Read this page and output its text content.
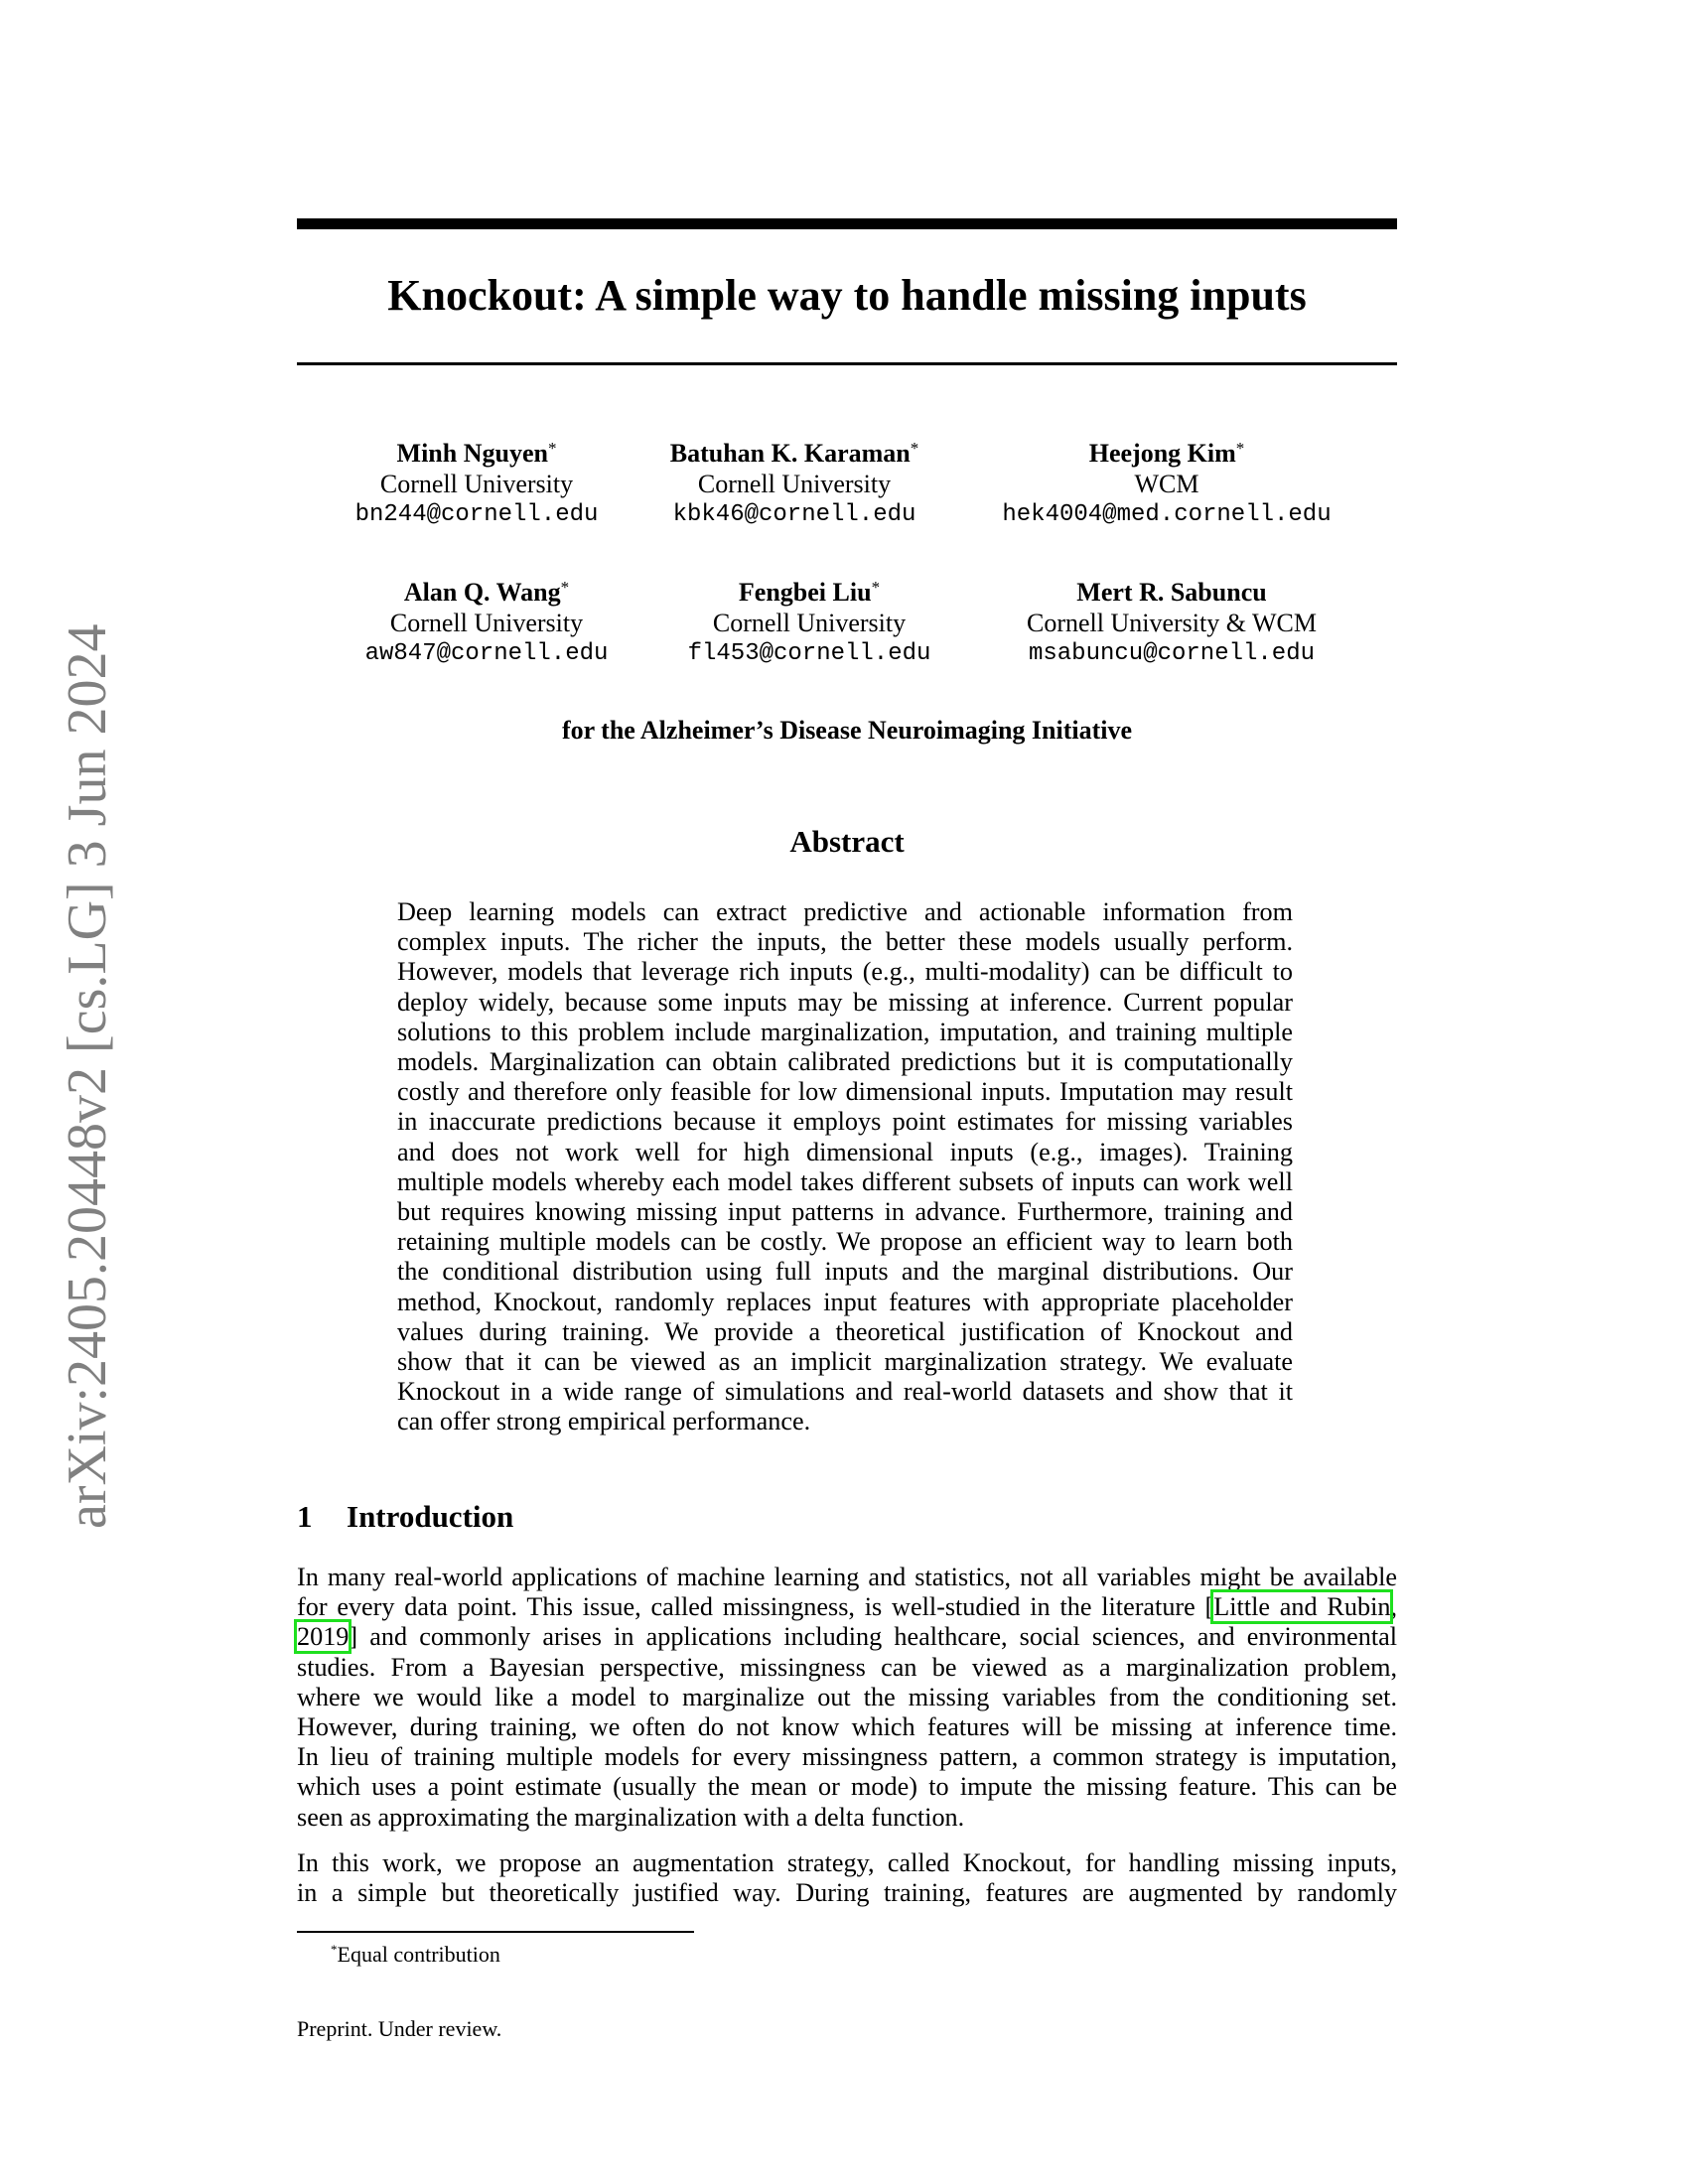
arXiv:2405.20448v2 [cs.LG] 3 Jun 2024
Knockout: A simple way to handle missing inputs
Minh Nguyen*
Cornell University
bn244@cornell.edu
Batuhan K. Karaman*
Cornell University
kbk46@cornell.edu
Heejong Kim*
WCM
hek4004@med.cornell.edu
Alan Q. Wang*
Cornell University
aw847@cornell.edu
Fengbei Liu*
Cornell University
fl453@cornell.edu
Mert R. Sabuncu
Cornell University & WCM
msabuncu@cornell.edu
for the Alzheimer’s Disease Neuroimaging Initiative
Abstract
Deep learning models can extract predictive and actionable information from
complex inputs. The richer the inputs, the better these models usually perform.
However, models that leverage rich inputs (e.g., multi-modality) can be difficult to
deploy widely, because some inputs may be missing at inference. Current popular
solutions to this problem include marginalization, imputation, and training multiple
models. Marginalization can obtain calibrated predictions but it is computationally
costly and therefore only feasible for low dimensional inputs. Imputation may result
in inaccurate predictions because it employs point estimates for missing variables
and does not work well for high dimensional inputs (e.g., images). Training
multiple models whereby each model takes different subsets of inputs can work well
but requires knowing missing input patterns in advance. Furthermore, training and
retaining multiple models can be costly. We propose an efficient way to learn both
the conditional distribution using full inputs and the marginal distributions. Our
method, Knockout, randomly replaces input features with appropriate placeholder
values during training. We provide a theoretical justification of Knockout and
show that it can be viewed as an implicit marginalization strategy. We evaluate
Knockout in a wide range of simulations and real-world datasets and show that it
can offer strong empirical performance.
1 Introduction
In many real-world applications of machine learning and statistics, not all variables might be available
for every data point. This issue, called missingness, is well-studied in the literature [Little and Rubin,
2019] and commonly arises in applications including healthcare, social sciences, and environmental
studies. From a Bayesian perspective, missingness can be viewed as a marginalization problem,
where we would like a model to marginalize out the missing variables from the conditioning set.
However, during training, we often do not know which features will be missing at inference time.
In lieu of training multiple models for every missingness pattern, a common strategy is imputation,
which uses a point estimate (usually the mean or mode) to impute the missing feature. This can be
seen as approximating the marginalization with a delta function.
In this work, we propose an augmentation strategy, called Knockout, for handling missing inputs,
in a simple but theoretically justified way. During training, features are augmented by randomly
*Equal contribution
Preprint. Under review.
